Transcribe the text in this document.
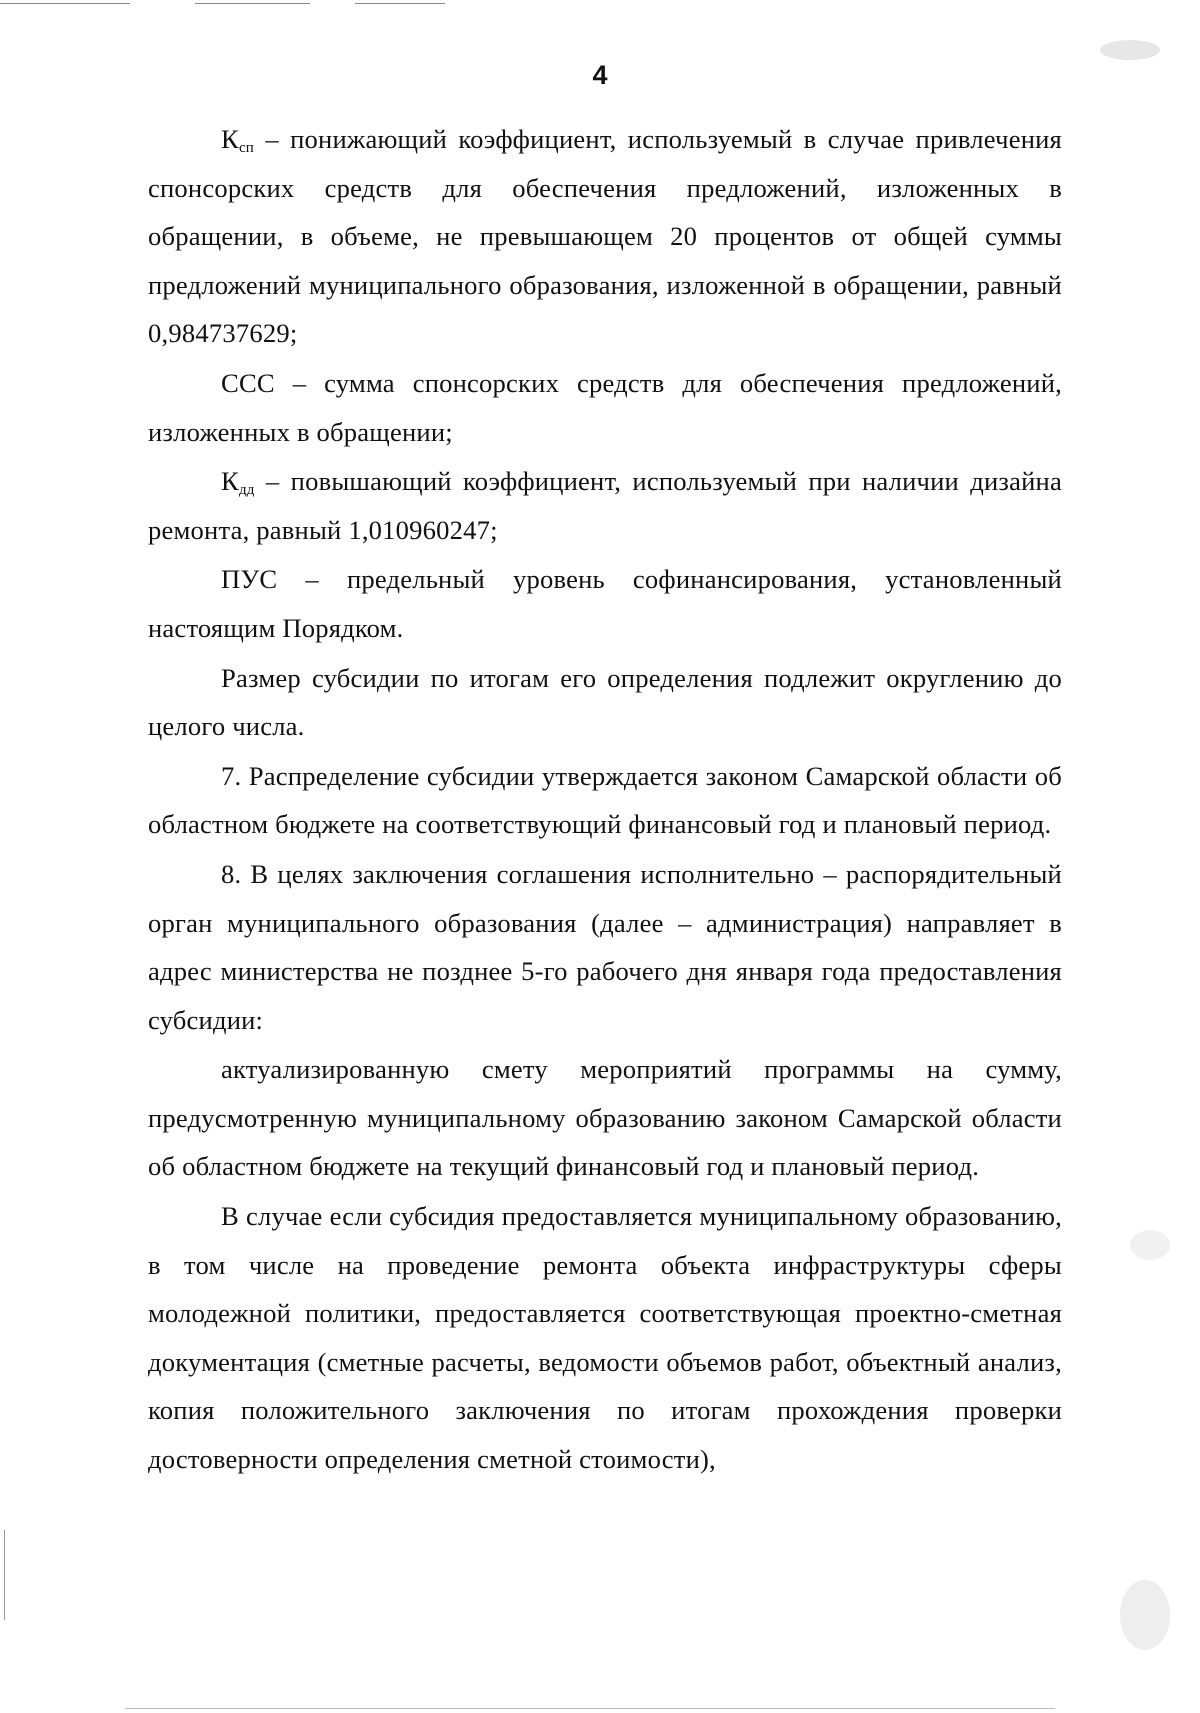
4

$К_{сп}$ – понижающий коэффициент, используемый в случае привлечения спонсорских средств для обеспечения предложений, изложенных в обращении, в объеме, не превышающем 20 процентов от общей суммы предложений муниципального образования, изложенной в обращении, равный 0,984737629;

ССС – сумма спонсорских средств для обеспечения предложений, изложенных в обращении;

$К_{дд}$ – повышающий коэффициент, используемый при наличии дизайна ремонта, равный 1,010960247;

ПУС – предельный уровень софинансирования, установленный настоящим Порядком.

Размер субсидии по итогам его определения подлежит округлению до целого числа.

7. Распределение субсидии утверждается законом Самарской области об областном бюджете на соответствующий финансовый год и плановый период.

8. В целях заключения соглашения исполнительно – распорядительный орган муниципального образования (далее – администрация) направляет в адрес министерства не позднее 5-го рабочего дня января года предоставления субсидии:

актуализированную смету мероприятий программы на сумму, предусмотренную муниципальному образованию законом Самарской области об областном бюджете на текущий финансовый год и плановый период.

В случае если субсидия предоставляется муниципальному образованию, в том числе на проведение ремонта объекта инфраструктуры сферы молодежной политики, предоставляется соответствующая проектно-сметная документация (сметные расчеты, ведомости объемов работ, объектный анализ, копия положительного заключения по итогам прохождения проверки достоверности определения сметной стоимости),
